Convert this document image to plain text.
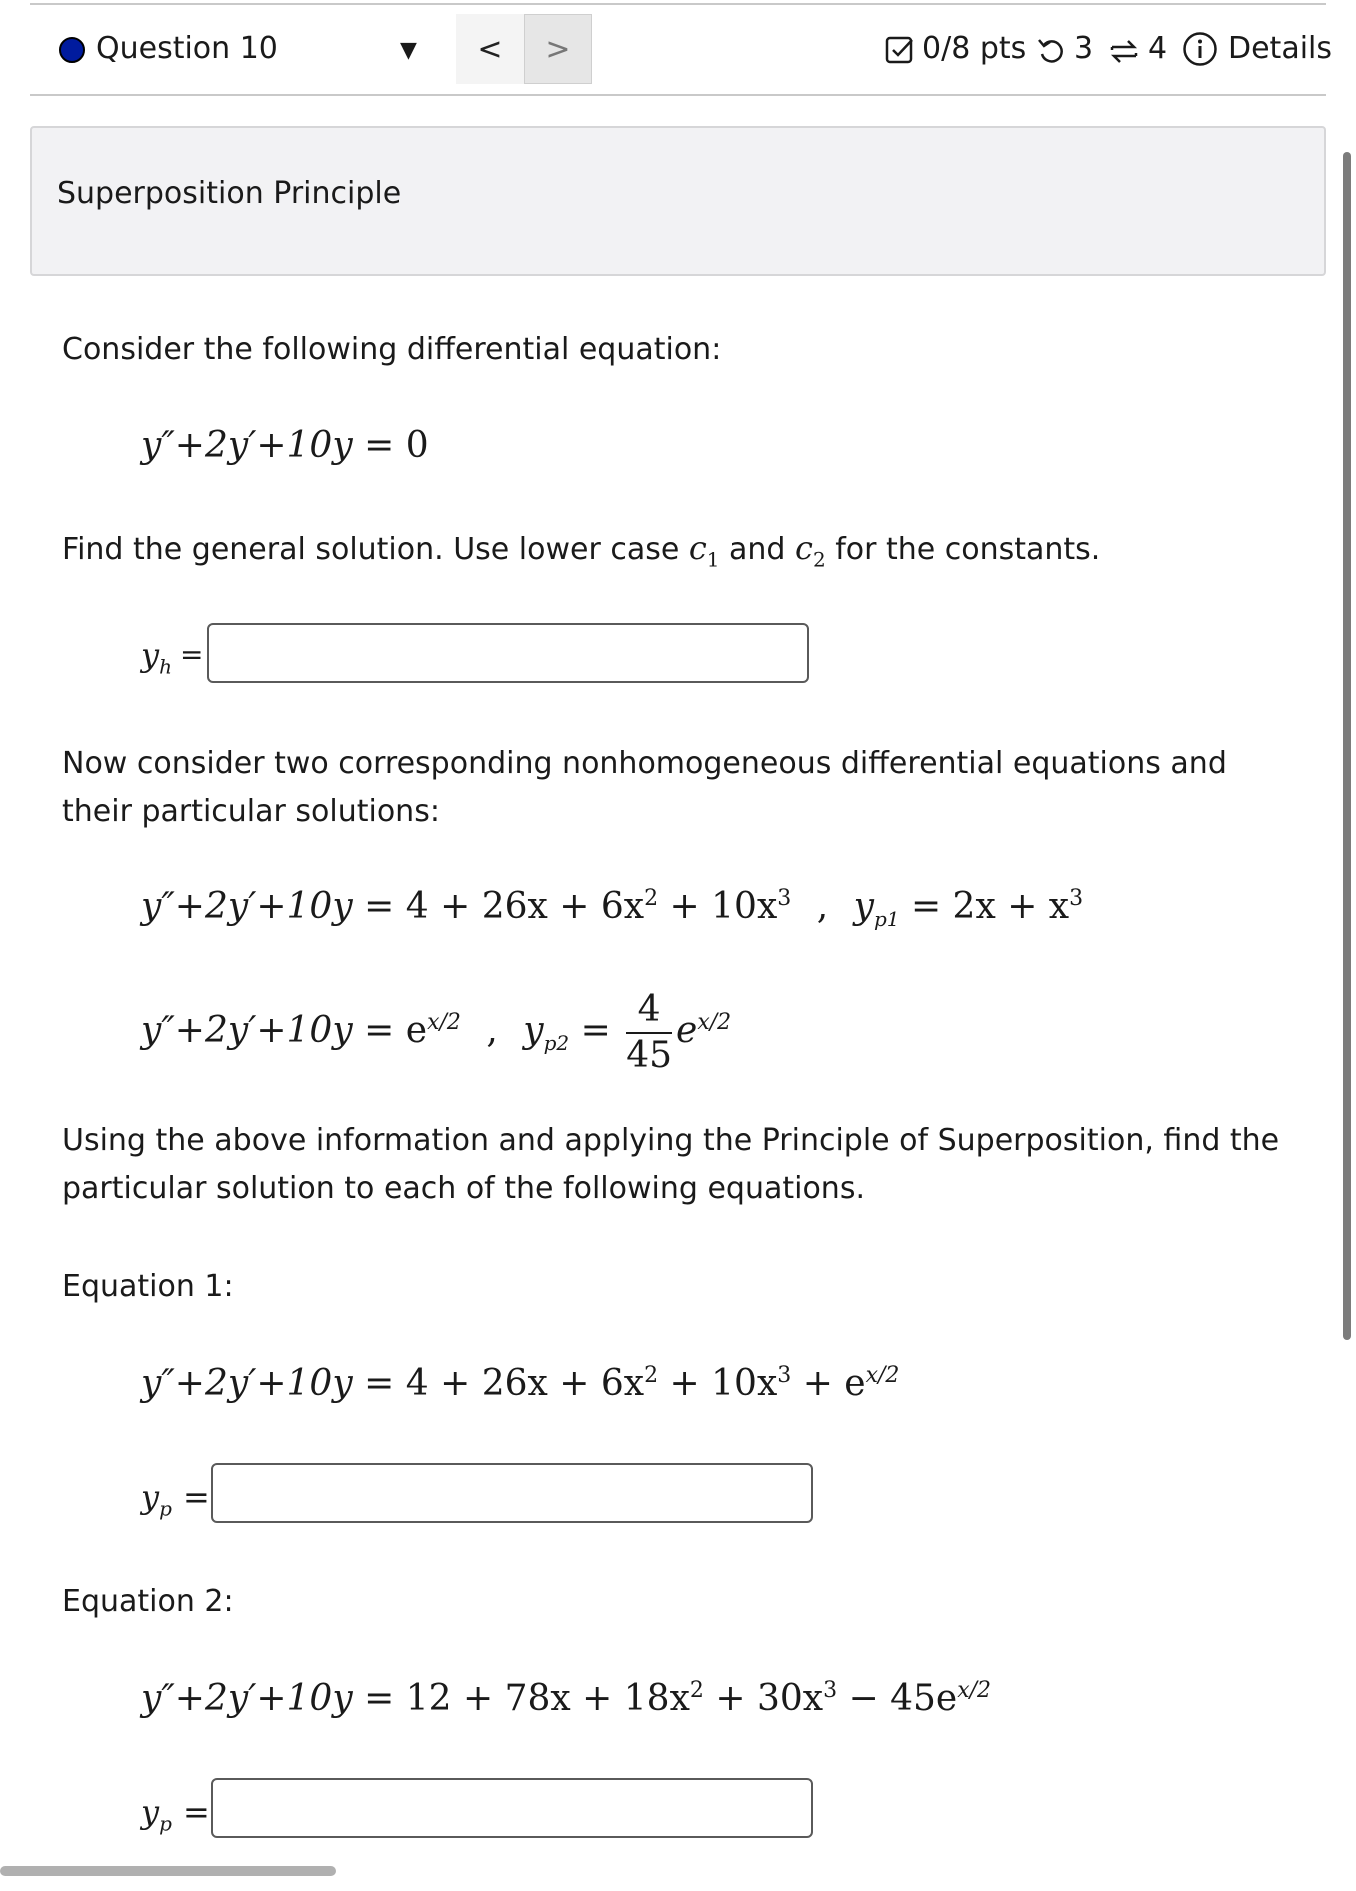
Question 10	▼ < >	0/8 pts 3 4 Details
Superposition Principle
Consider the following differential equation:
y″+2y′+10y = 0
Find the general solution. Use lower case $c_1$ and $c_2$ for the constants.
$y_h$ =
Now consider two corresponding nonhomogeneous differential equations and their particular solutions:
$y''+2y'+10y = 4 + 26x + 6x^2 + 10x^3$ , $y_{p1} = 2x + x^3$
$y''+2y'+10y = e^{x/2}$ , $y_{p2} = \frac{4}{45} e^{x/2}$
Using the above information and applying the Principle of Superposition, find the particular solution to each of the following equations.
Equation 1:
$y''+2y'+10y = 4 + 26x + 6x^2 + 10x^3 + e^{x/2}$
$y_p$ =
Equation 2:
$y''+2y'+10y = 12 + 78x + 18x^2 + 30x^3 - 45e^{x/2}$
$y_p$ =
